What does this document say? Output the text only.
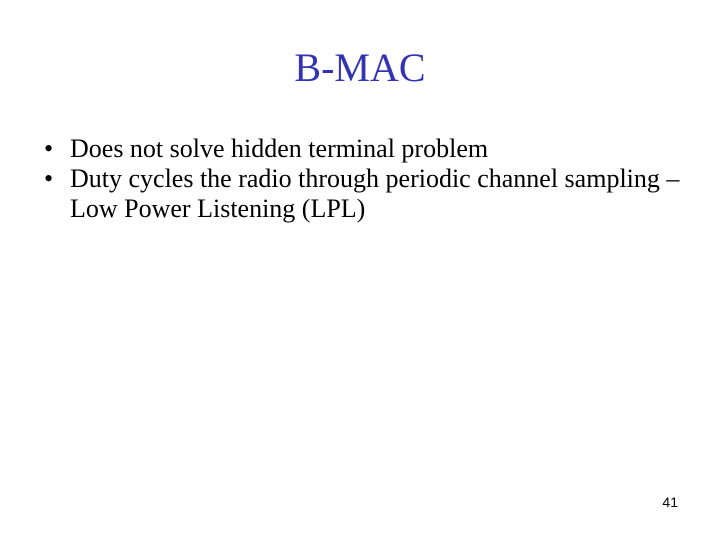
B-MAC
• Does not solve hidden terminal problem
• Duty cycles the radio through periodic channel sampling – Low Power Listening (LPL)
41
